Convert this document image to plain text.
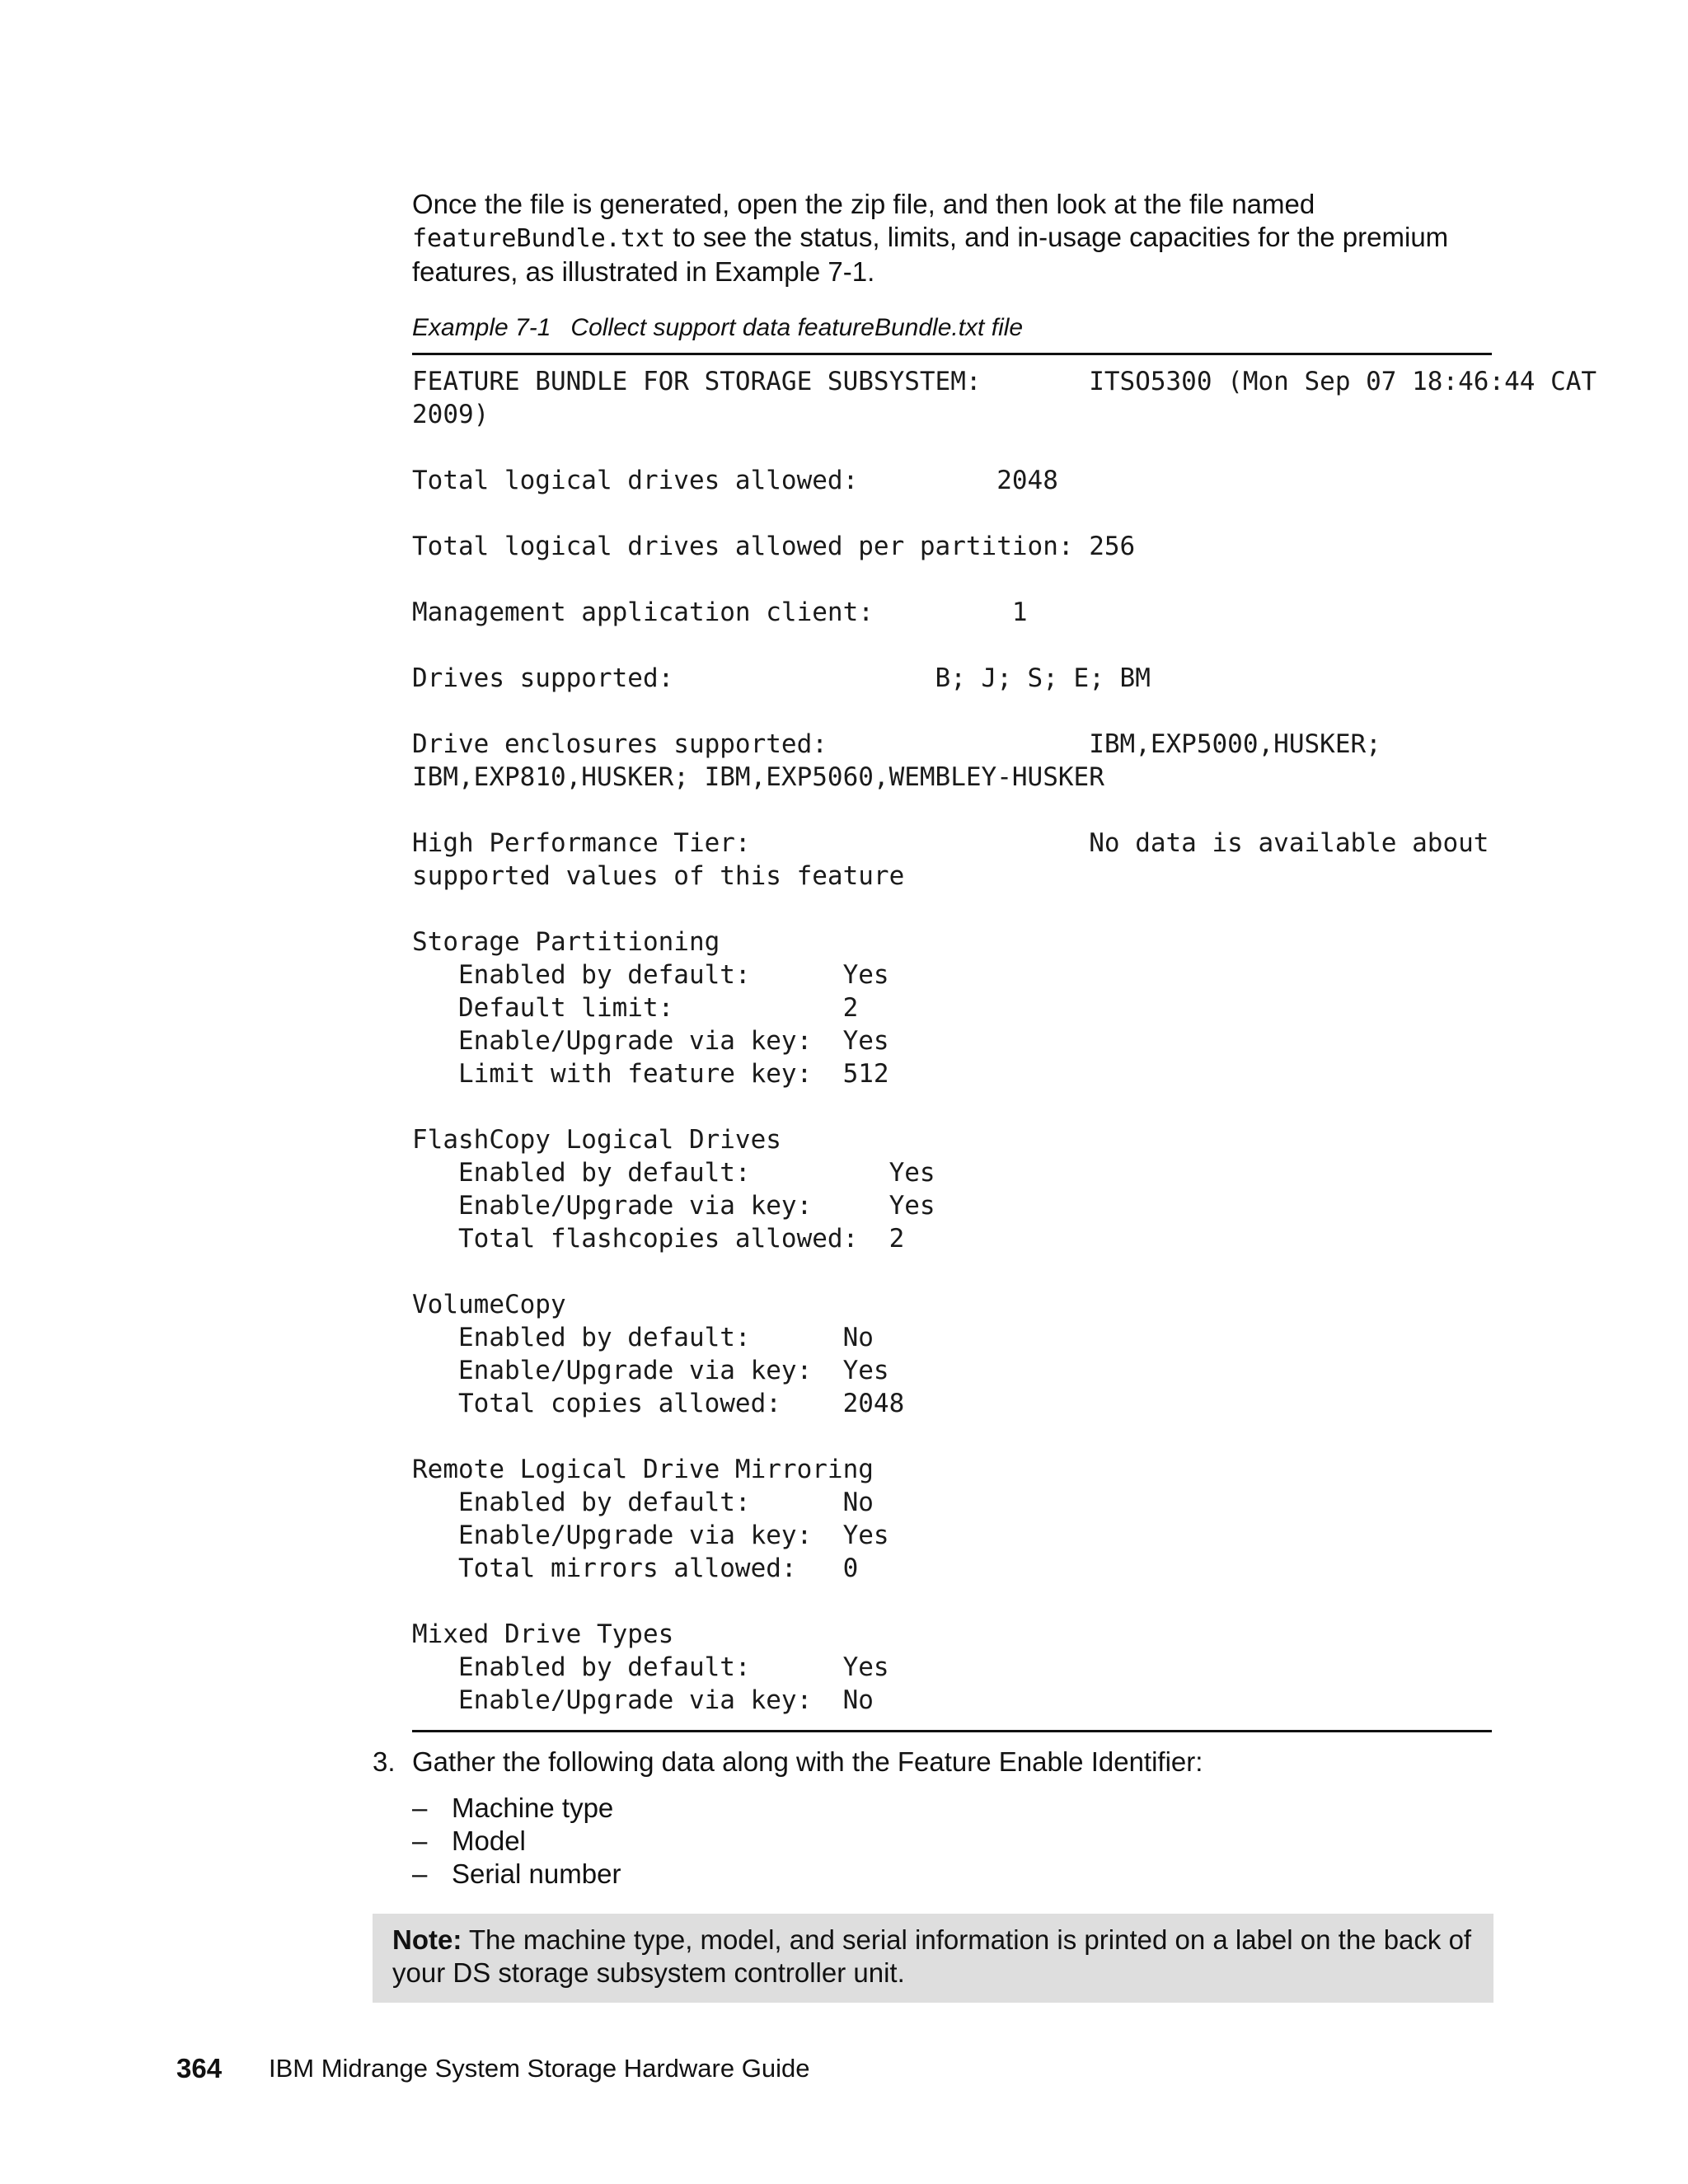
Once the file is generated, open the zip file, and then look at the file named
featureBundle.txt to see the status, limits, and in-usage capacities for the premium features, as illustrated in Example 7-1.

Example 7-1 Collect support data featureBundle.txt file
FEATURE BUNDLE FOR STORAGE SUBSYSTEM:       ITSO5300 (Mon Sep 07 18:46:44 CAT
2009)

Total logical drives allowed:         2048

Total logical drives allowed per partition: 256

Management application client:         1

Drives supported:                 B; J; S; E; BM

Drive enclosures supported:                 IBM,EXP5000,HUSKER;
IBM,EXP810,HUSKER; IBM,EXP5060,WEMBLEY-HUSKER

High Performance Tier:                      No data is available about
supported values of this feature

Storage Partitioning
Enabled by default:      Yes
Default limit:           2
Enable/Upgrade via key:  Yes
Limit with feature key:  512

FlashCopy Logical Drives
Enabled by default:         Yes
Enable/Upgrade via key:     Yes
Total flashcopies allowed:  2

VolumeCopy
Enabled by default:      No
Enable/Upgrade via key:  Yes
Total copies allowed:    2048

Remote Logical Drive Mirroring
Enabled by default:      No
Enable/Upgrade via key:  Yes
Total mirrors allowed:   0

Mixed Drive Types
Enabled by default:      Yes
Enable/Upgrade via key:  No
3. Gather the following data along with the Feature Enable Identifier:
– Machine type
– Model
– Serial number
Note: The machine type, model, and serial information is printed on a label on the back of your DS storage subsystem controller unit.
364	IBM Midrange System Storage Hardware Guide
